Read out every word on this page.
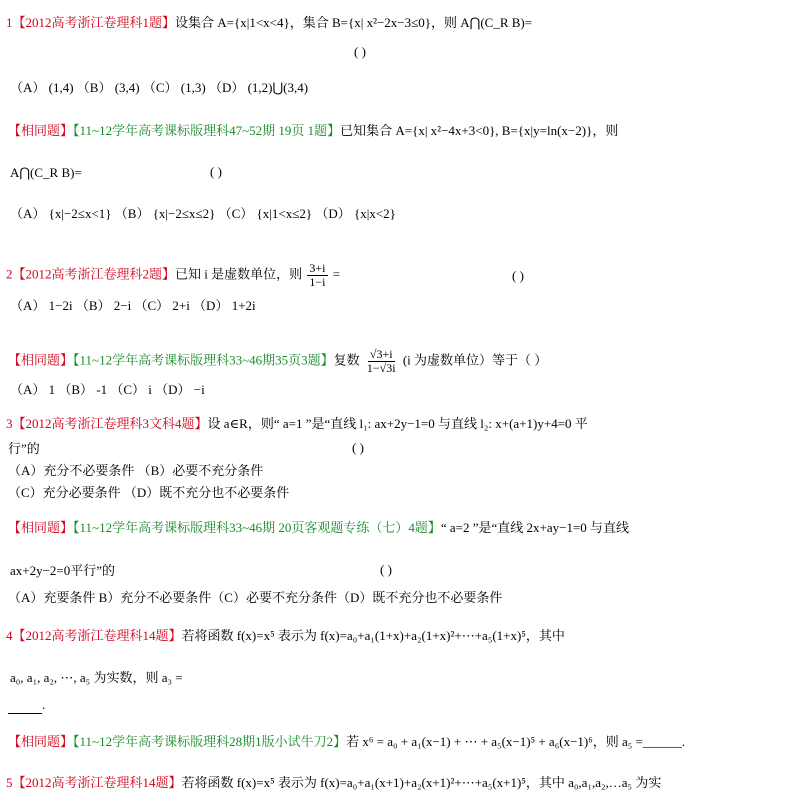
1【2012高考浙江卷理科1题】设集合 A={x|1<x<4}，集合 B={x| x²−2x−3≤0}，则 A⋂(C_R B)=
( )
（A） (1,4) （B） (3,4) （C） (1,3) （D） (1,2)⋃(3,4)
【相同题】【11~12学年高考课标版理科47~52期 19页 1题】已知集合 A={x| x²−4x+3<0}, B={x|y=ln(x−2)}，则
A⋂(C_R B)=	( )
（A） {x|−2≤x<1} （B） {x|−2≤x≤2} （C） {x|1<x≤2} （D） {x|x<2}
2【2012高考浙江卷理科2题】已知 i 是虚数单位，则 $\frac{3+i}{1-i}$ =	( )
（A） 1−2i （B） 2−i （C） 2+i （D） 1+2i
【相同题】【11~12学年高考课标版理科33~46期35页3题】复数 $\frac{√3+i}{1-√3i} (i$ 为虚数单位）等于（ ）
（A） 1 （B） -1 （C） i （D） −i
3【2012高考浙江卷理科3文科4题】设 a∈R，则“ a=1 ”是“直线 l₁: ax+2y−1=0 与直线 l₂: x+(a+1)y+4=0 平
行”的	( )
（A）充分不必要条件 （B）必要不充分条件
（C）充分必要条件 （D）既不充分也不必要条件
【相同题】【11~12学年高考课标版理科33~46期 20页客观题专练（七）4题】“ a=2 ”是“直线 2x+ay−1=0 与直线
ax+2y−2=0平行”的	( )
（A）充要条件 B）充分不必要条件（C）必要不充分条件（D）既不充分也不必要条件
4【2012高考浙江卷理科14题】若将函数 f(x)=x⁵ 表示为 f(x)=a₀+a₁(1+x)+a₂(1+x)²+⋯+a₅(1+x)⁵，其中
a₀, a₁, a₂, ⋯, a₅ 为实数，则 a₃ =
.
【相同题】【11~12学年高考课标版理科28期1版小试牛刀2】若 x⁶ = a₀ + a₁(x−1) + ⋯ + a₅(x−1)⁵ + a₆(x−1)⁶，则 a₅ =______.
5【2012高考浙江卷理科14题】若将函数 f(x)=x⁵ 表示为 f(x)=a₀+a₁(x+1)+a₂(x+1)²+⋯+a₅(x+1)⁵，其中 a₀,a₁,a₂,…a₅ 为实
